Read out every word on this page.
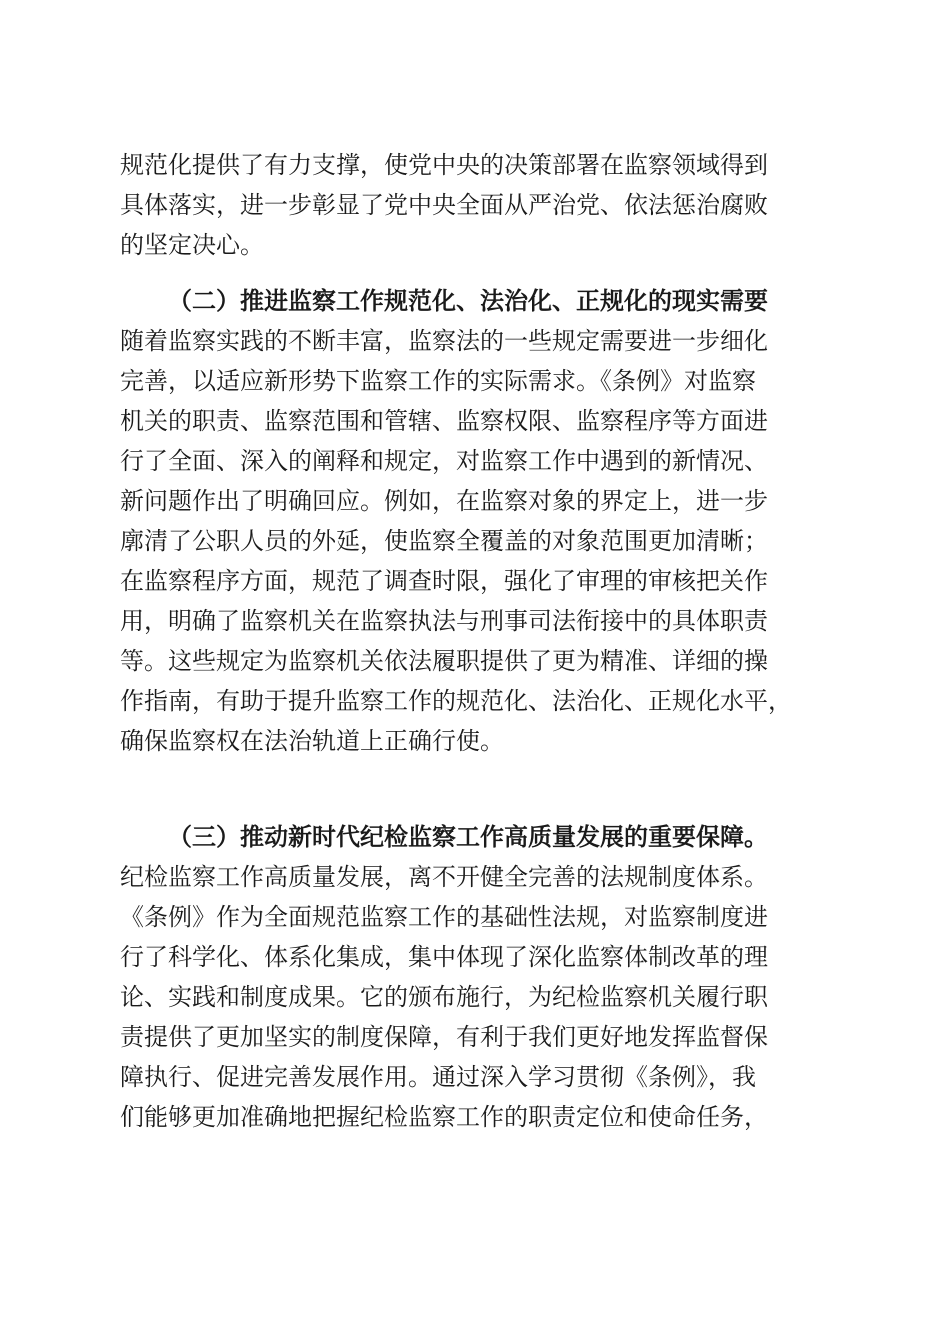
规范化提供了有力支撑，使党中央的决策部署在监察领域得到
具体落实，进一步彰显了党中央全面从严治党、依法惩治腐败
的坚定决心。
（二）推进监察工作规范化、法治化、正规化的现实需要
随着监察实践的不断丰富，监察法的一些规定需要进一步细化
完善，以适应新形势下监察工作的实际需求。《条例》对监察
机关的职责、监察范围和管辖、监察权限、监察程序等方面进
行了全面、深入的阐释和规定，对监察工作中遇到的新情况、
新问题作出了明确回应。例如，在监察对象的界定上，进一步
廓清了公职人员的外延，使监察全覆盖的对象范围更加清晰；
在监察程序方面，规范了调查时限，强化了审理的审核把关作
用，明确了监察机关在监察执法与刑事司法衔接中的具体职责
等。这些规定为监察机关依法履职提供了更为精准、详细的操
作指南，有助于提升监察工作的规范化、法治化、正规化水平，
确保监察权在法治轨道上正确行使。
（三）推动新时代纪检监察工作高质量发展的重要保障。
纪检监察工作高质量发展，离不开健全完善的法规制度体系。
《条例》作为全面规范监察工作的基础性法规，对监察制度进
行了科学化、体系化集成，集中体现了深化监察体制改革的理
论、实践和制度成果。它的颁布施行，为纪检监察机关履行职
责提供了更加坚实的制度保障，有利于我们更好地发挥监督保
障执行、促进完善发展作用。通过深入学习贯彻《条例》，我
们能够更加准确地把握纪检监察工作的职责定位和使命任务，
